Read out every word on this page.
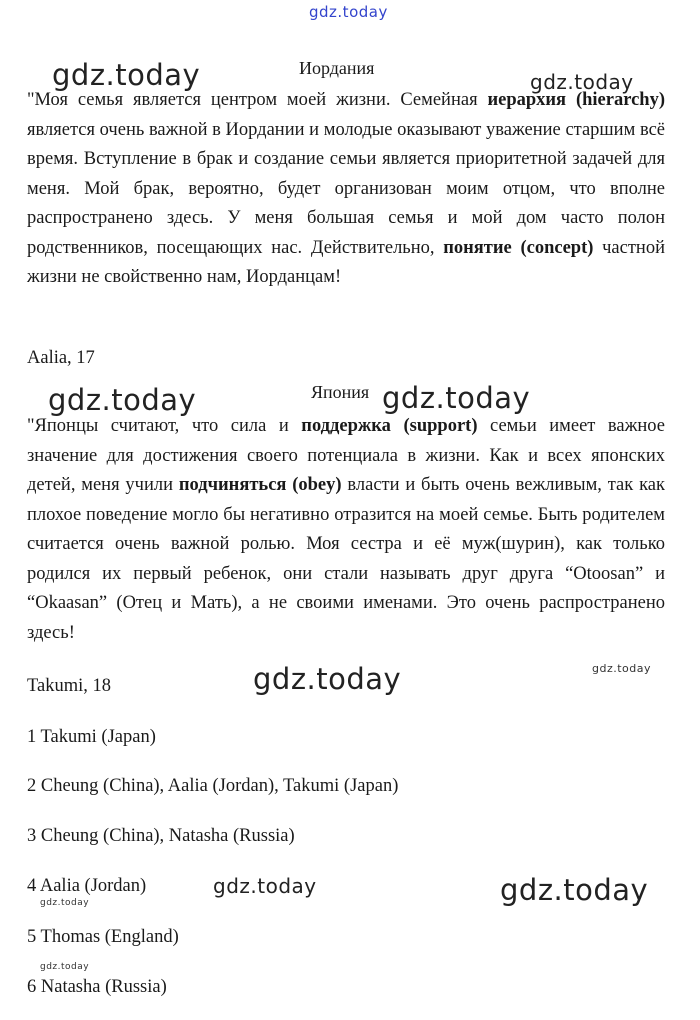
gdz.today
gdz.today	gdz.today
gdz.today	gdz.today
gdz.today
gdz.today
gdz.today	gdz.today
gdz.today
gdz.today
Иордания

"Моя семья является центром моей жизни. Семейная иерархия (hierarchy) является очень важной в Иордании и молодые оказывают уважение старшим всё время. Вступление в брак и создание семьи является приоритетной задачей для меня. Мой брак, вероятно, будет организован моим отцом, что вполне распространено здесь. У меня большая семья и мой дом часто полон родственников, посещающих нас. Действительно, понятие (concept) частной жизни не свойственно нам, Иорданцам!

Aalia, 17
Япония

"Японцы считают, что сила и поддержка (support) семьи имеет важное значение для достижения своего потенциала в жизни. Как и всех японских детей, меня учили подчиняться (obey) власти и быть очень вежливым, так как плохое поведение могло бы негативно отразится на моей семье. Быть родителем считается очень важной ролью. Моя сестра и её муж(шурин), как только родился их первый ребенок, они стали называть друг друга “Otoosan” и “Okaasan” (Отец и Мать), а не своими именами. Это очень распространено здесь!

Takumi, 18
1 Takumi (Japan)
2 Cheung (China), Aalia (Jordan), Takumi (Japan)
3 Cheung (China), Natasha (Russia)
4 Aalia (Jordan)
5 Thomas (England)
6 Natasha (Russia)
